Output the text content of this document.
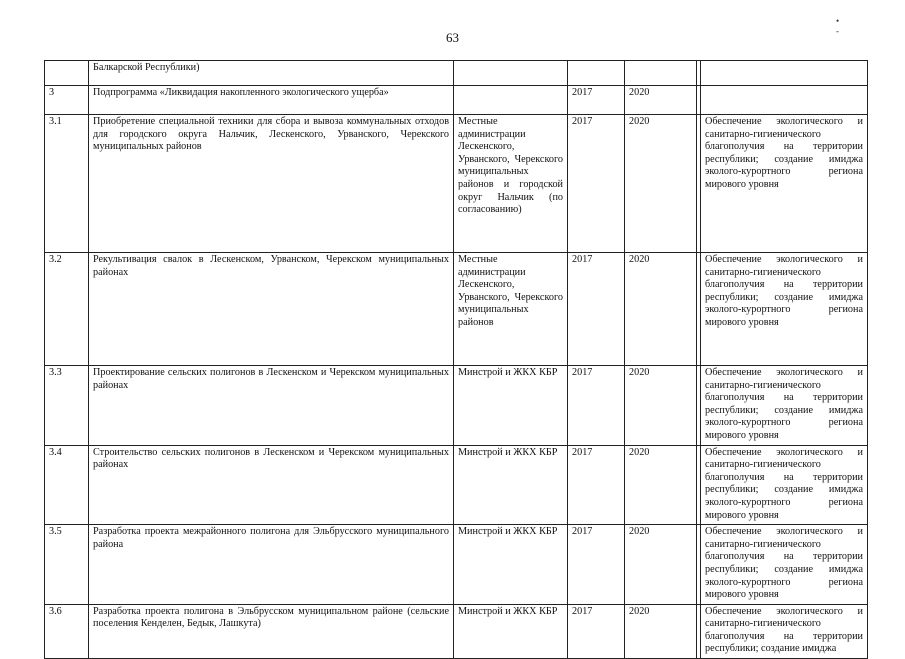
63
• ‐
	Балкарской Республики)					
3	Подпрограмма «Ликвидация накопленного экологического ущерба»		2017	2020		
3.1	Приобретение специальной техники для сбора и вывоза коммунальных отходов для городского округа Нальчик, Лескенского, Урванского, Черекского муниципальных районов	Местные администрации Лескенского, Урванского, Черекского муниципальных районов и городской округ Нальчик (по согласованию)	2017	2020		Обеспечение экологического и санитарно-гигиенического благополучия на территории республики; создание имиджа эколого-курортного региона мирового уровня
3.2	Рекультивация свалок в Лескенском, Урванском, Черекском муниципальных районах	Местные администрации Лескенского, Урванского, Черекского муниципальных районов	2017	2020		Обеспечение экологического и санитарно-гигиенического благополучия на территории республики; создание имиджа эколого-курортного региона мирового уровня
3.3	Проектирование сельских полигонов в Лескенском и Черекском муниципальных районах	Минстрой и ЖКХ КБР	2017	2020		Обеспечение экологического и санитарно-гигиенического благополучия на территории республики; создание имиджа эколого-курортного региона мирового уровня
3.4	Строительство сельских полигонов в Лескенском и Черекском муниципальных районах	Минстрой и ЖКХ КБР	2017	2020		Обеспечение экологического и санитарно-гигиенического благополучия на территории республики; создание имиджа эколого-курортного региона мирового уровня
3.5	Разработка проекта межрайонного полигона для Эльбрусского муниципального района	Минстрой и ЖКХ КБР	2017	2020		Обеспечение экологического и санитарно-гигиенического благополучия на территории республики; создание имиджа эколого-курортного региона мирового уровня
3.6	Разработка проекта полигона в Эльбрусском муниципальном районе (сельские поселения Кенделен, Бедык, Лашкута)	Минстрой и ЖКХ КБР	2017	2020		Обеспечение экологического и санитарно-гигиенического благополучия на территории республики; создание имиджа
